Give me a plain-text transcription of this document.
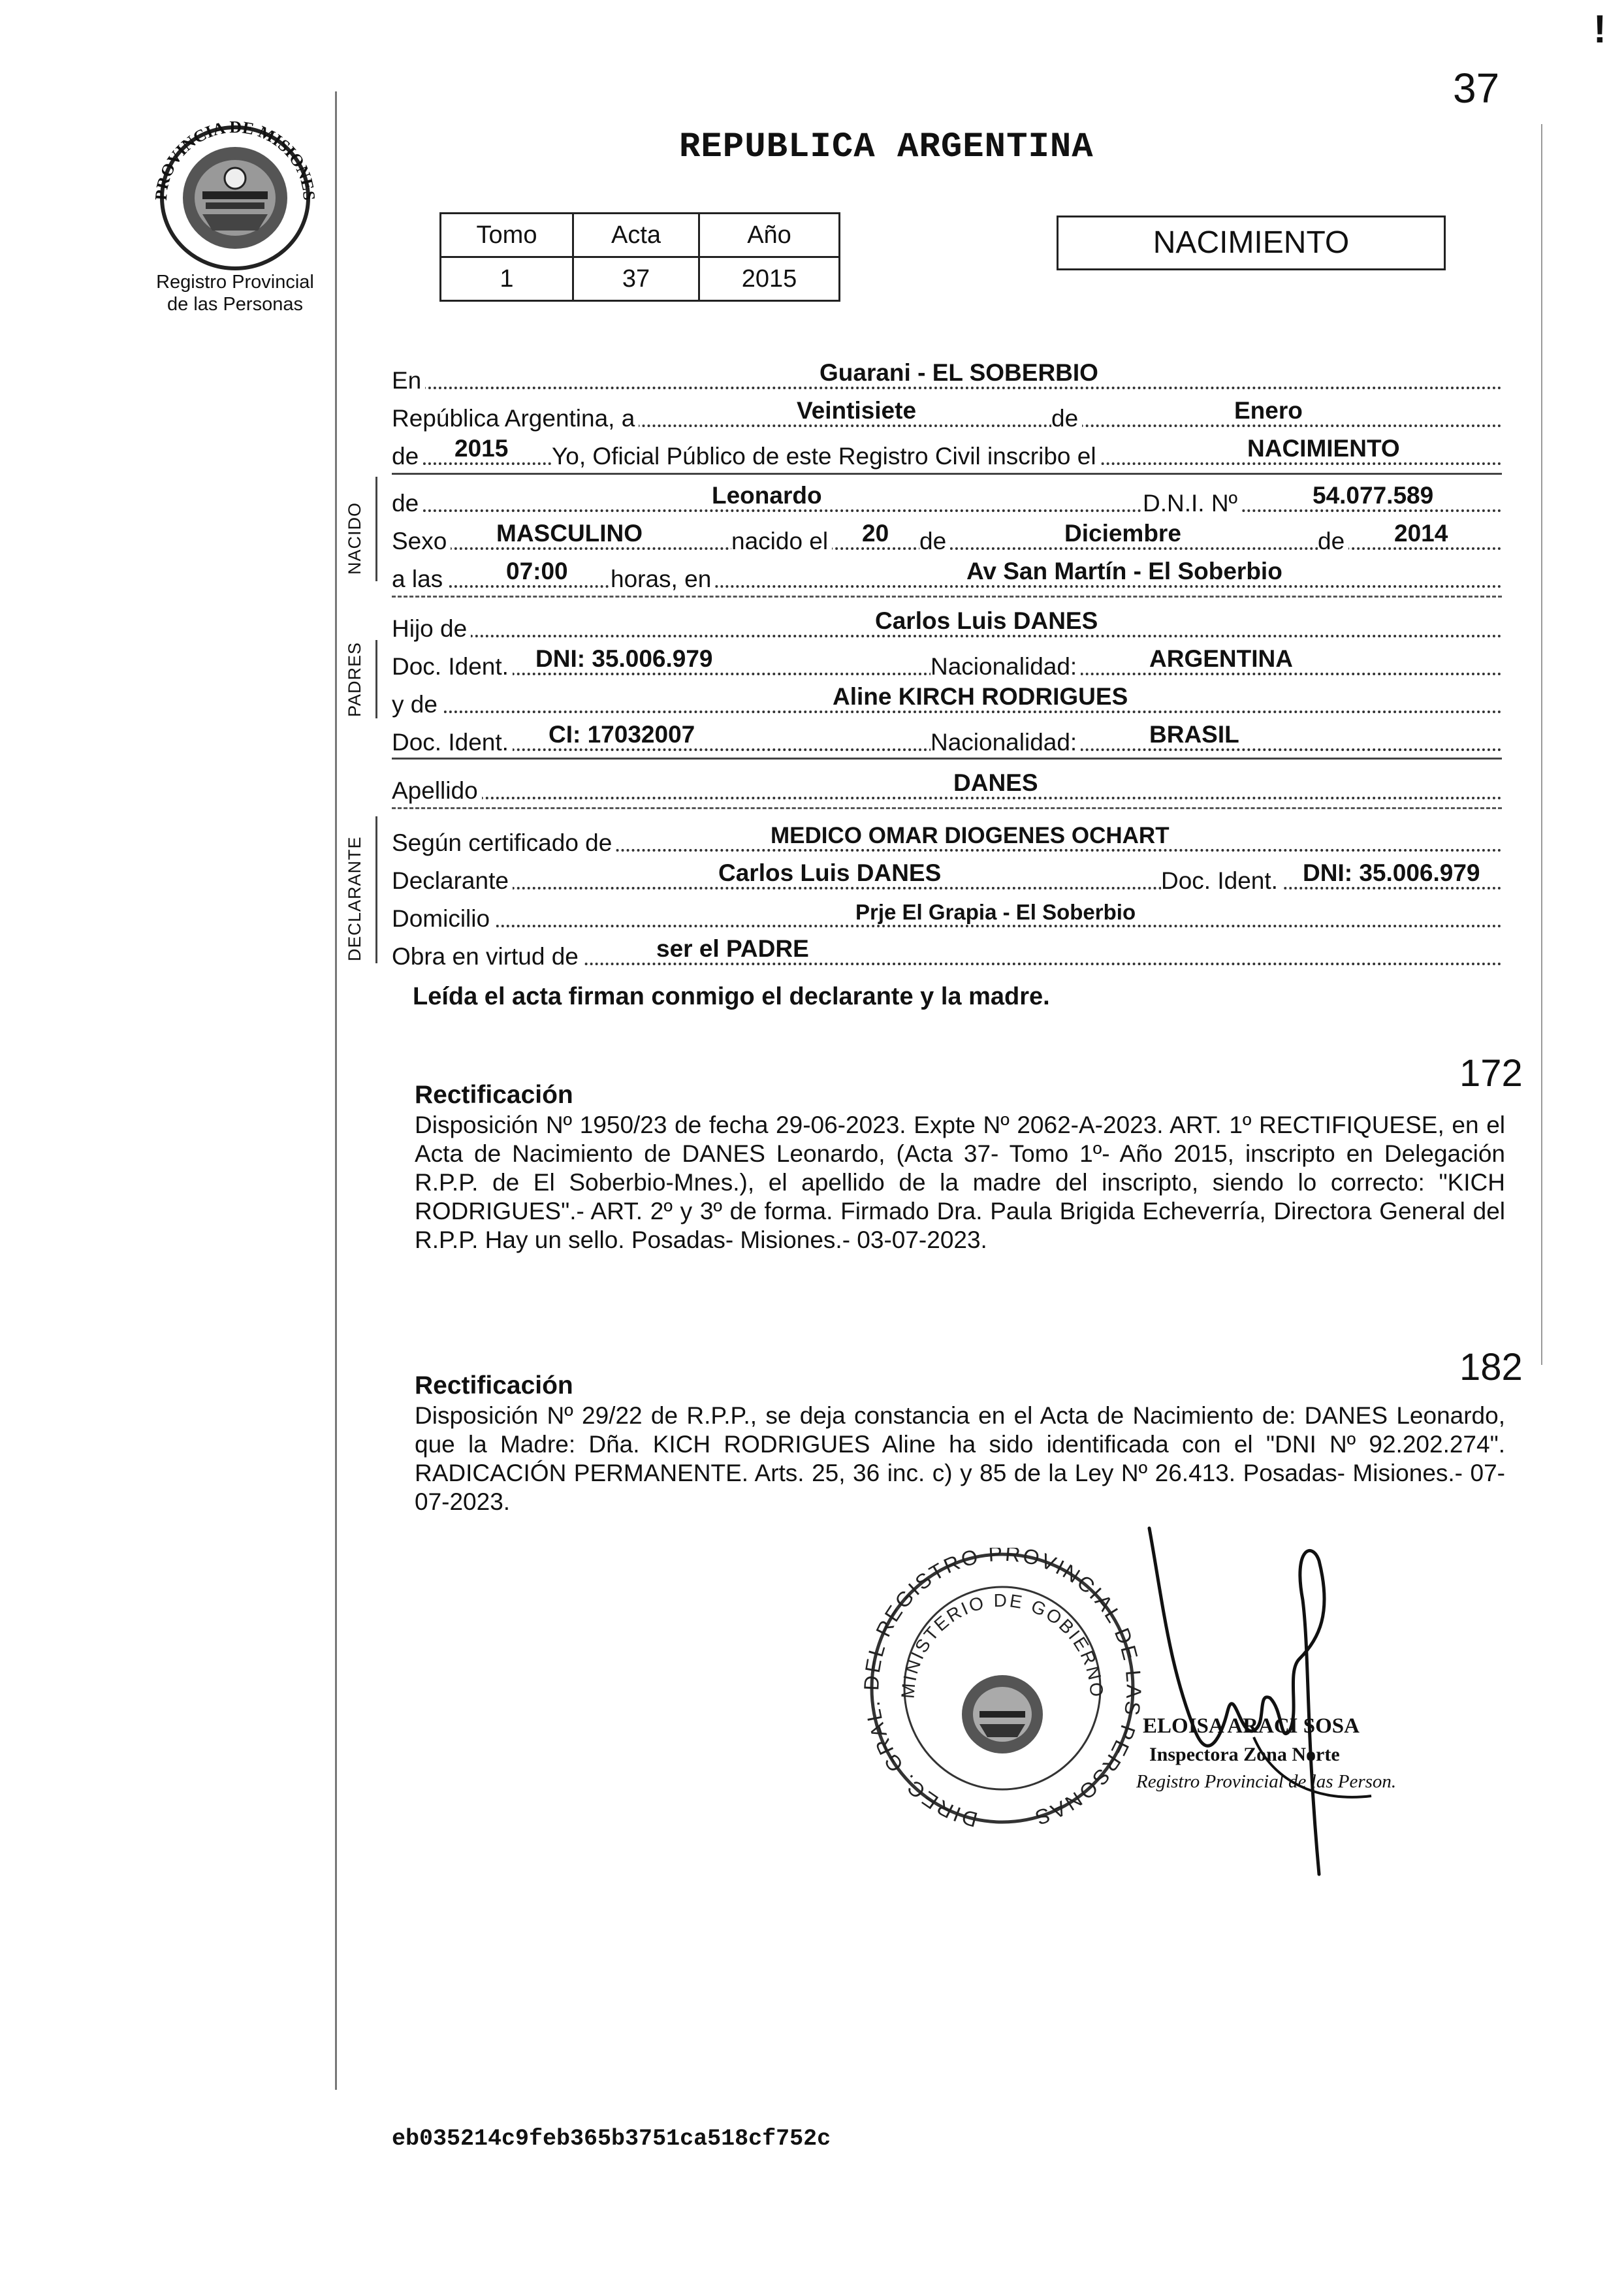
!
37
PROVINCIA DE MISIONES
Registro Provincial
de las Personas
REPUBLICA ARGENTINA
Tomo	Acta	Año
1	37	2015
NACIMIENTO
En	Guarani - EL SOBERBIO
República Argentina, a	Veintisiete	de	Enero
de 2015 Yo, Oficial Público de este Registro Civil inscribo el	NACIMIENTO
de	Leonardo	D.N.I. Nº	54.077.589
Sexo MASCULINO	nacido el 20 de	Diciembre	de 2014
a las	07:00 horas, en	Av San Martín - El Soberbio
Hijo de	Carlos Luis DANES
Doc. Ident. DNI: 35.006.979	Nacionalidad:	ARGENTINA
y de	Aline KIRCH RODRIGUES
Doc. Ident. CI: 17032007	Nacionalidad:	BRASIL
Apellido	DANES
Según certificado de	MEDICO OMAR DIOGENES OCHART
Declarante	Carlos Luis DANES	Doc. Ident. DNI: 35.006.979
Domicilio	Prje El Grapia - El Soberbio
Obra en virtud de	ser el PADRE
NACIDO
PADRES
DECLARANTE
Leída el acta firman conmigo el declarante y la madre.
172
Rectificación
Disposición Nº 1950/23 de fecha 29-06-2023. Expte Nº 2062-A-2023. ART. 1º RECTIFIQUESE, en el Acta de Nacimiento de DANES Leonardo, (Acta 37- Tomo 1º- Año 2015, inscripto en Delegación R.P.P. de El Soberbio-Mnes.), el apellido de la madre del inscripto, siendo lo correcto: "KICH RODRIGUES".- ART. 2º y 3º de forma. Firmado Dra. Paula Brigida Echeverría, Directora General del R.P.P. Hay un sello. Posadas- Misiones.- 03-07-2023.
182
Rectificación
Disposición Nº 29/22 de R.P.P., se deja constancia en el Acta de Nacimiento de: DANES Leonardo, que la Madre: Dña. KICH RODRIGUES Aline ha sido identificada con el "DNI Nº 92.202.274". RADICACIÓN PERMANENTE. Arts. 25, 36 inc. c) y 85 de la Ley Nº 26.413. Posadas- Misiones.- 07-07-2023.
DIREC. GRAL. EL REGISTRO PROVINCIAL DE S PERSONAS
MINISTERIO DE GOBIERNO
ELOISA ARACI SOSA
Inspectora Zona Norte
Registro Provincial de las Person.
eb035214c9feb365b3751ca518cf752c
